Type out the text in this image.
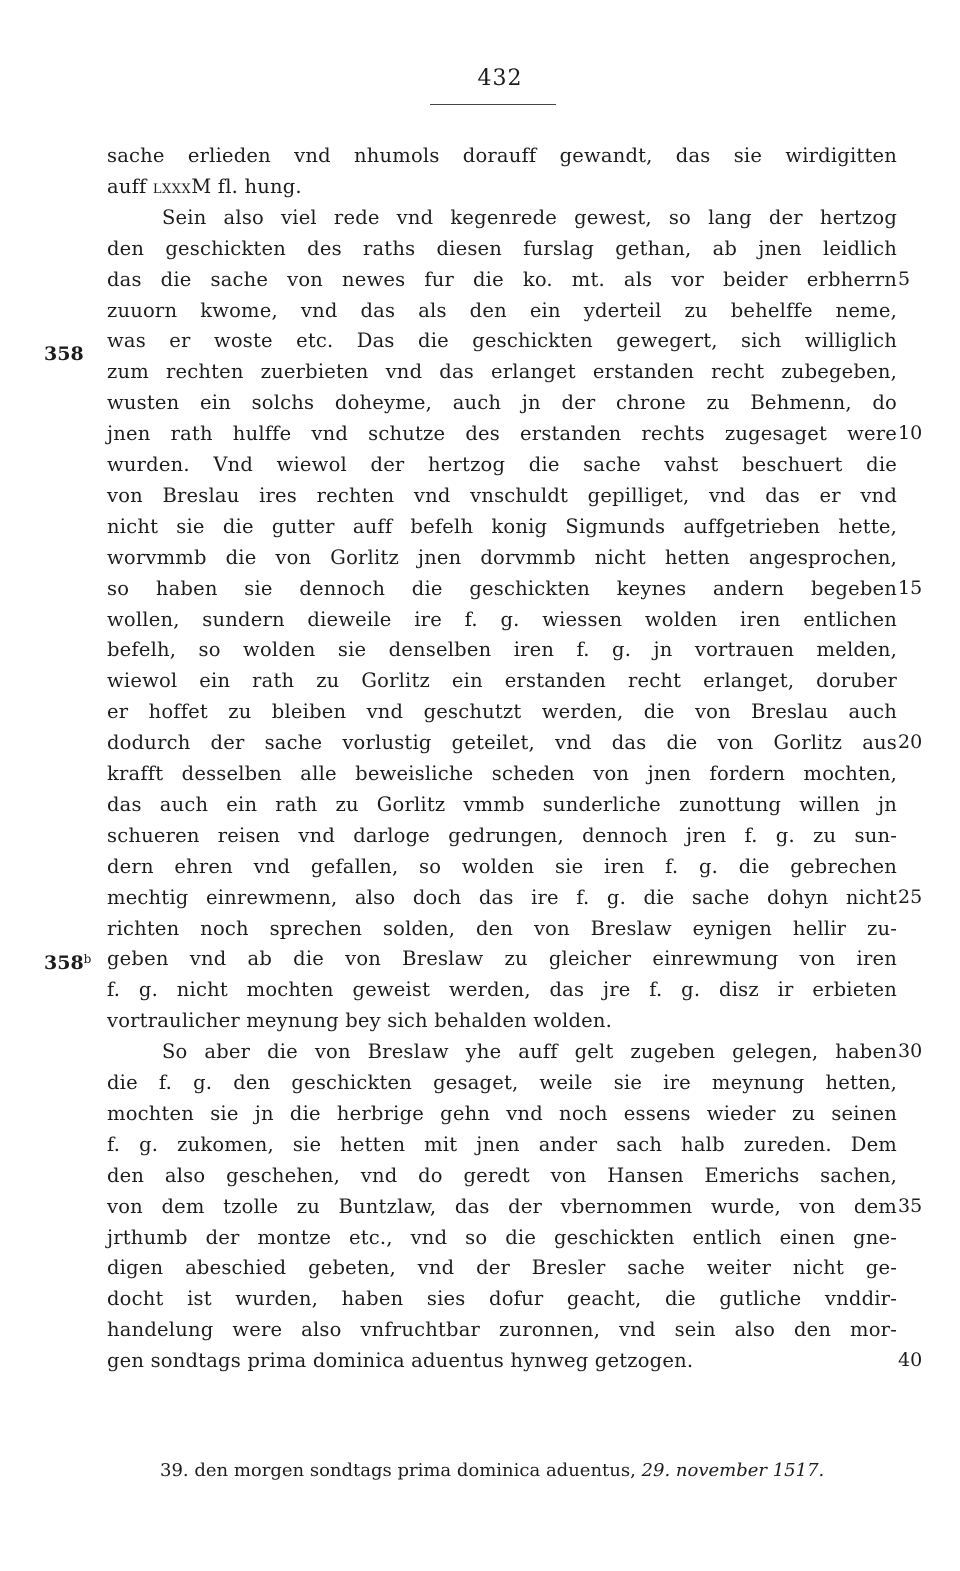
432
sache erlieden vnd nhumols dorauff gewandt, das sie wirdigitten
auff LXXXM fl. hung.
Sein also viel rede vnd kegenrede gewest, so lang der hertzog
den geschickten des raths diesen furslag gethan, ab jnen leidlich
das die sache von newes fur die ko. mt. als vor beider erbherrn
zuuorn kwome, vnd das als den ein yderteil zu behelffe neme,
was er woste etc. Das die geschickten gewegert, sich williglich
zum rechten zuerbieten vnd das erlanget erstanden recht zubegeben,
wusten ein solchs doheyme, auch jn der chrone zu Behmenn, do
jnen rath hulffe vnd schutze des erstanden rechts zugesaget were
wurden. Vnd wiewol der hertzog die sache vahst beschuert die
von Breslau ires rechten vnd vnschuldt gepilliget, vnd das er vnd
nicht sie die gutter auff befelh konig Sigmunds auffgetrieben hette,
worvmmb die von Gorlitz jnen dorvmmb nicht hetten angesprochen,
so haben sie dennoch die geschickten keynes andern begeben
wollen, sundern dieweile ire f. g. wiessen wolden iren entlichen
befelh, so wolden sie denselben iren f. g. jn vortrauen melden,
wiewol ein rath zu Gorlitz ein erstanden recht erlanget, doruber
er hoffet zu bleiben vnd geschutzt werden, die von Breslau auch
dodurch der sache vorlustig geteilet, vnd das die von Gorlitz aus
krafft desselben alle beweisliche scheden von jnen fordern mochten,
das auch ein rath zu Gorlitz vmmb sunderliche zunottung willen jn
schueren reisen vnd darloge gedrungen, dennoch jren f. g. zu sun-
dern ehren vnd gefallen, so wolden sie iren f. g. die gebrechen
mechtig einrewmenn, also doch das ire f. g. die sache dohyn nicht
richten noch sprechen solden, den von Breslaw eynigen hellir zu-
geben vnd ab die von Breslaw zu gleicher einrewmung von iren
f. g. nicht mochten geweist werden, das jre f. g. disz ir erbieten
vortraulicher meynung bey sich behalden wolden.
So aber die von Breslaw yhe auff gelt zugeben gelegen, haben
die f. g. den geschickten gesaget, weile sie ire meynung hetten,
mochten sie jn die herbrige gehn vnd noch essens wieder zu seinen
f. g. zukomen, sie hetten mit jnen ander sach halb zureden. Dem
den also geschehen, vnd do geredt von Hansen Emerichs sachen,
von dem tzolle zu Buntzlaw, das der vbernommen wurde, von dem
jrthumb der montze etc., vnd so die geschickten entlich einen gne-
digen abeschied gebeten, vnd der Bresler sache weiter nicht ge-
docht ist wurden, haben sies dofur geacht, die gutliche vnddir-
handelung were also vnfruchtbar zuronnen, vnd sein also den mor-
gen sondtags prima dominica aduentus hynweg getzogen.
358
358$^b$
39. den morgen sondtags prima dominica aduentus, 29. november 1517.
5
10
15
20
25
30
35
40
